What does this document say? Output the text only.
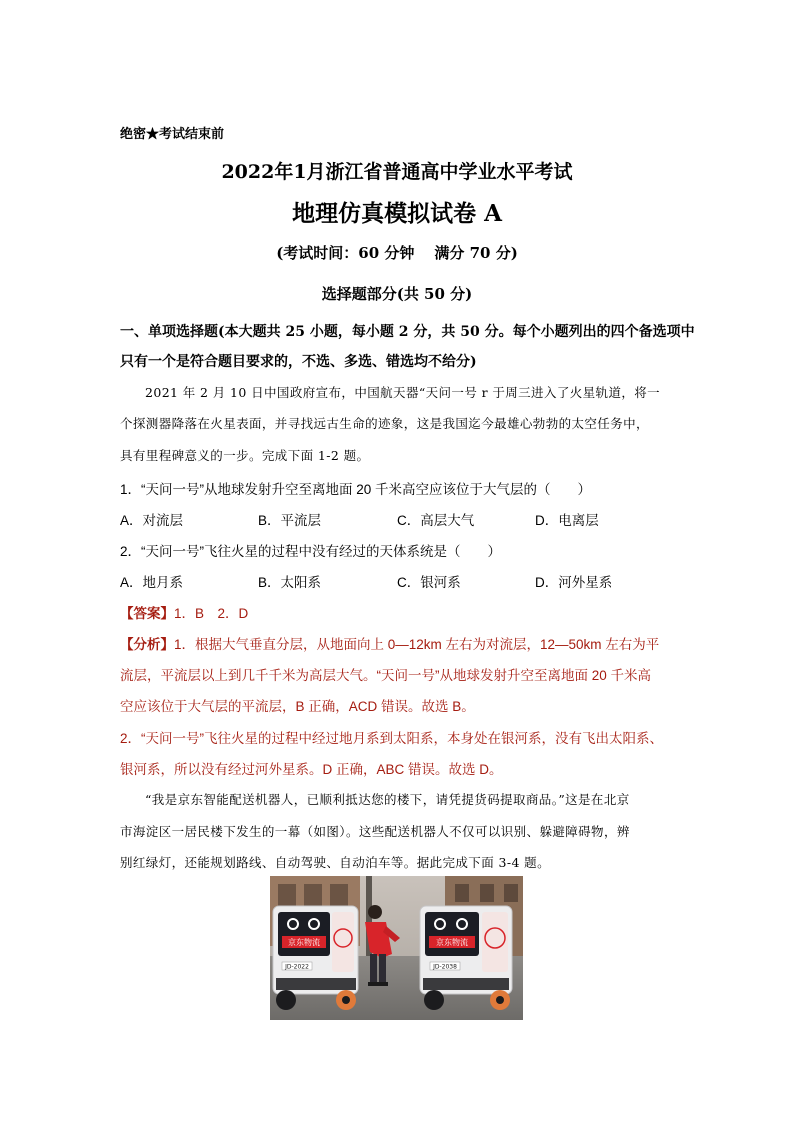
绝密★考试结束前
2022年1月浙江省普通高中学业水平考试
地理仿真模拟试卷 A
(考试时间：60 分钟 满分 70 分)
选择题部分(共 50 分)
一、单项选择题(本大题共 25 小题，每小题 2 分，共 50 分。每个小题列出的四个备选项中
只有一个是符合题目要求的，不选、多选、错选均不给分)
2021 年 2 月 10 日中国政府宣布，中国航天器“天问一号 r 于周三进入了火星轨道，将一
个探测器降落在火星表面，并寻找远古生命的迹象，这是我国迄今最雄心勃勃的太空任务中，
具有里程碑意义的一步。完成下面 1-2 题。
1．“天问一号”从地球发射升空至离地面 20 千米高空应该位于大气层的（　　）
A．对流层	B．平流层	C．高层大气	D．电离层
2．“天问一号”飞往火星的过程中没有经过的天体系统是（　　）
A．地月系	B．太阳系	C．银河系	D．河外星系
【答案】1．B　2．D
【分析】1．根据大气垂直分层，从地面向上 0—12km 左右为对流层，12—50km 左右为平
流层，平流层以上到几千千米为高层大气。“天问一号”从地球发射升空至离地面 20 千米高
空应该位于大气层的平流层，B 正确，ACD 错误。故选 B。
2．“天问一号”飞往火星的过程中经过地月系到太阳系，本身处在银河系，没有飞出太阳系、
银河系，所以没有经过河外星系。D 正确，ABC 错误。故选 D。
“我是京东智能配送机器人，已顺利抵达您的楼下，请凭提货码提取商品。”这是在北京
市海淀区一居民楼下发生的一幕（如图）。这些配送机器人不仅可以识别、躲避障碍物，辨
别红绿灯，还能规划路线、自动驾驶、自动泊车等。据此完成下面 3-4 题。
京东物流
JD-2022
京东物流
JD-2038
